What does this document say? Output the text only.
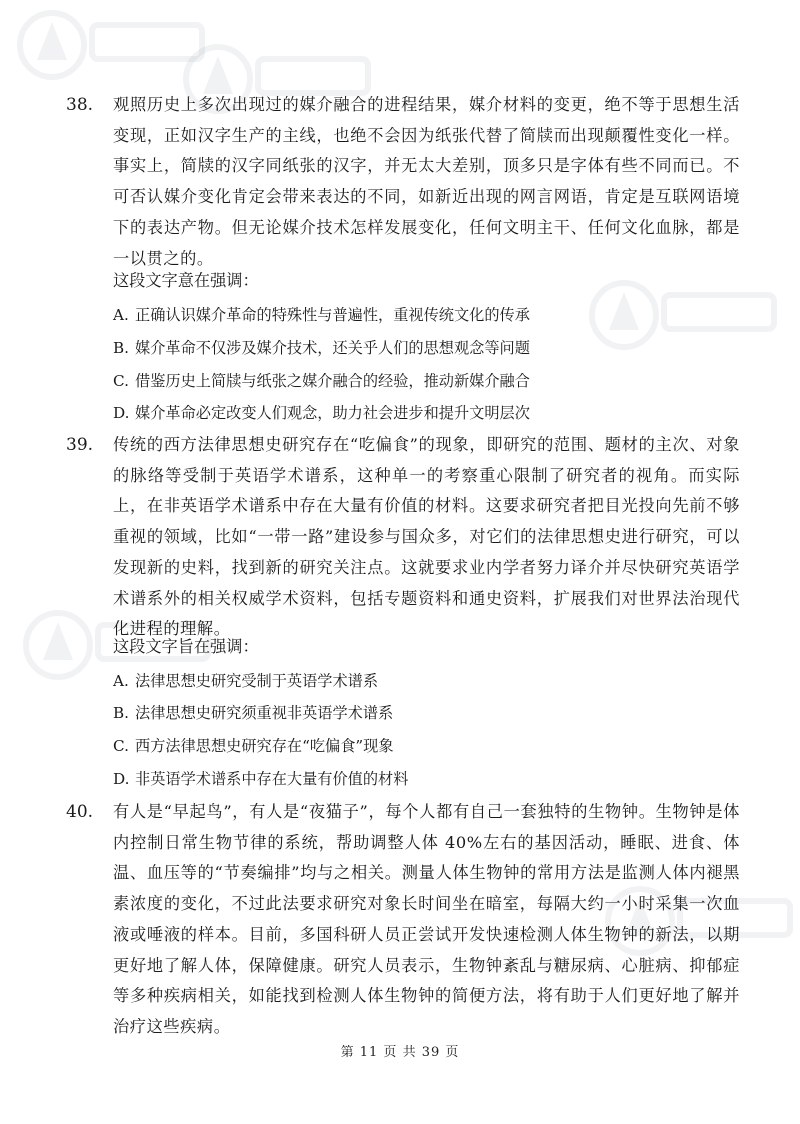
38.	观照历史上多次出现过的媒介融合的进程结果，媒介材料的变更，绝不等于思想生活变现，正如汉字生产的主线，也绝不会因为纸张代替了简牍而出现颠覆性变化一样。事实上，简牍的汉字同纸张的汉字，并无太大差别，顶多只是字体有些不同而已。不可否认媒介变化肯定会带来表达的不同，如新近出现的网言网语，肯定是互联网语境下的表达产物。但无论媒介技术怎样发展变化，任何文明主干、任何文化血脉，都是一以贯之的。

这段文字意在强调：

A. 正确认识媒介革命的特殊性与普遍性，重视传统文化的传承
B. 媒介革命不仅涉及媒介技术，还关乎人们的思想观念等问题
C. 借鉴历史上简牍与纸张之媒介融合的经验，推动新媒介融合
D. 媒介革命必定改变人们观念，助力社会进步和提升文明层次
39.	传统的西方法律思想史研究存在“吃偏食”的现象，即研究的范围、题材的主次、对象的脉络等受制于英语学术谱系，这种单一的考察重心限制了研究者的视角。而实际上，在非英语学术谱系中存在大量有价值的材料。这要求研究者把目光投向先前不够重视的领域，比如“一带一路”建设参与国众多，对它们的法律思想史进行研究，可以发现新的史料，找到新的研究关注点。这就要求业内学者努力译介并尽快研究英语学术谱系外的相关权威学术资料，包括专题资料和通史资料，扩展我们对世界法治现代化进程的理解。

这段文字旨在强调：

A. 法律思想史研究受制于英语学术谱系
B. 法律思想史研究须重视非英语学术谱系
C. 西方法律思想史研究存在“吃偏食”现象
D. 非英语学术谱系中存在大量有价值的材料
40.	有人是“早起鸟”，有人是“夜猫子”，每个人都有自己一套独特的生物钟。生物钟是体内控制日常生物节律的系统，帮助调整人体 40%左右的基因活动，睡眠、进食、体温、血压等的“节奏编排”均与之相关。测量人体生物钟的常用方法是监测人体内褪黑素浓度的变化，不过此法要求研究对象长时间坐在暗室，每隔大约一小时采集一次血液或唾液的样本。目前，多国科研人员正尝试开发快速检测人体生物钟的新法，以期更好地了解人体，保障健康。研究人员表示，生物钟紊乱与糖尿病、心脏病、抑郁症等多种疾病相关，如能找到检测人体生物钟的简便方法，将有助于人们更好地了解并治疗这些疾病。

第 11 页 共 39 页
